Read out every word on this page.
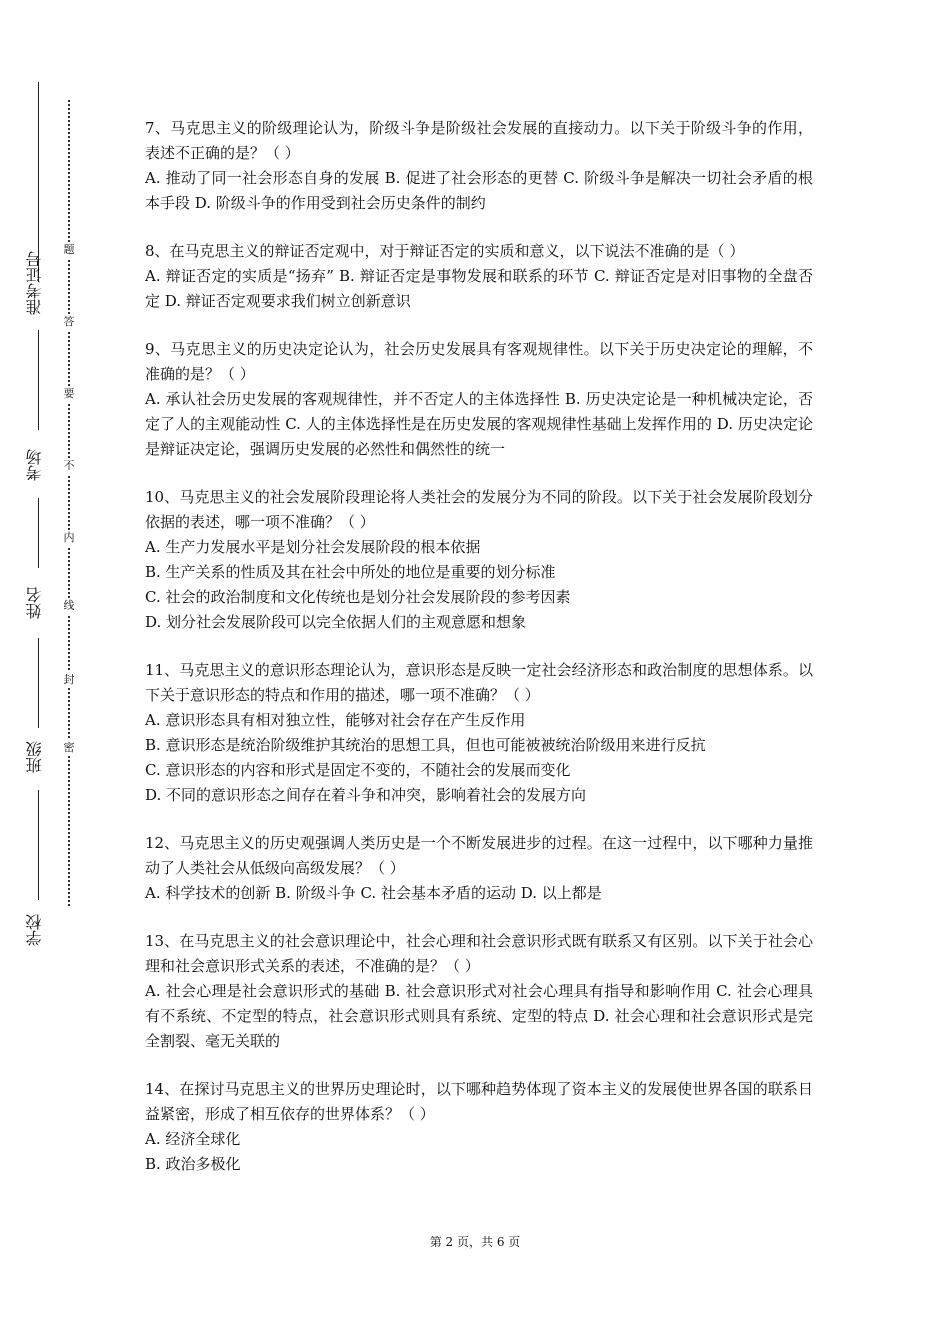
准考证号
考场
姓名
班级
学校
密
封
线
内
不
要
答
题

7、马克思主义的阶级理论认为，阶级斗争是阶级社会发展的直接动力。以下关于阶级斗争的作用，表述不正确的是？（ ）

A. 推动了同一社会形态自身的发展 B. 促进了社会形态的更替 C. 阶级斗争是解决一切社会矛盾的根本手段 D. 阶级斗争的作用受到社会历史条件的制约

8、在马克思主义的辩证否定观中，对于辩证否定的实质和意义，以下说法不准确的是（ ）

A. 辩证否定的实质是“扬弃” B. 辩证否定是事物发展和联系的环节 C. 辩证否定是对旧事物的全盘否定 D. 辩证否定观要求我们树立创新意识

9、马克思主义的历史决定论认为，社会历史发展具有客观规律性。以下关于历史决定论的理解，不准确的是？（ ）

A. 承认社会历史发展的客观规律性，并不否定人的主体选择性 B. 历史决定论是一种机械决定论，否定了人的主观能动性 C. 人的主体选择性是在历史发展的客观规律性基础上发挥作用的 D. 历史决定论是辩证决定论，强调历史发展的必然性和偶然性的统一

10、马克思主义的社会发展阶段理论将人类社会的发展分为不同的阶段。以下关于社会发展阶段划分依据的表述，哪一项不准确？（ ）

A. 生产力发展水平是划分社会发展阶段的根本依据

B. 生产关系的性质及其在社会中所处的地位是重要的划分标准

C. 社会的政治制度和文化传统也是划分社会发展阶段的参考因素

D. 划分社会发展阶段可以完全依据人们的主观意愿和想象

11、马克思主义的意识形态理论认为，意识形态是反映一定社会经济形态和政治制度的思想体系。以下关于意识形态的特点和作用的描述，哪一项不准确？（ ）

A. 意识形态具有相对独立性，能够对社会存在产生反作用

B. 意识形态是统治阶级维护其统治的思想工具，但也可能被被统治阶级用来进行反抗

C. 意识形态的内容和形式是固定不变的，不随社会的发展而变化

D. 不同的意识形态之间存在着斗争和冲突，影响着社会的发展方向

12、马克思主义的历史观强调人类历史是一个不断发展进步的过程。在这一过程中，以下哪种力量推动了人类社会从低级向高级发展？（ ）

A. 科学技术的创新 B. 阶级斗争 C. 社会基本矛盾的运动 D. 以上都是

13、在马克思主义的社会意识理论中，社会心理和社会意识形式既有联系又有区别。以下关于社会心理和社会意识形式关系的表述，不准确的是？（ ）

A. 社会心理是社会意识形式的基础 B. 社会意识形式对社会心理具有指导和影响作用 C. 社会心理具有不系统、不定型的特点，社会意识形式则具有系统、定型的特点 D. 社会心理和社会意识形式是完全割裂、毫无关联的

14、在探讨马克思主义的世界历史理论时，以下哪种趋势体现了资本主义的发展使世界各国的联系日益紧密，形成了相互依存的世界体系？（ ）

A. 经济全球化

B. 政治多极化

第 2 页，共 6 页
